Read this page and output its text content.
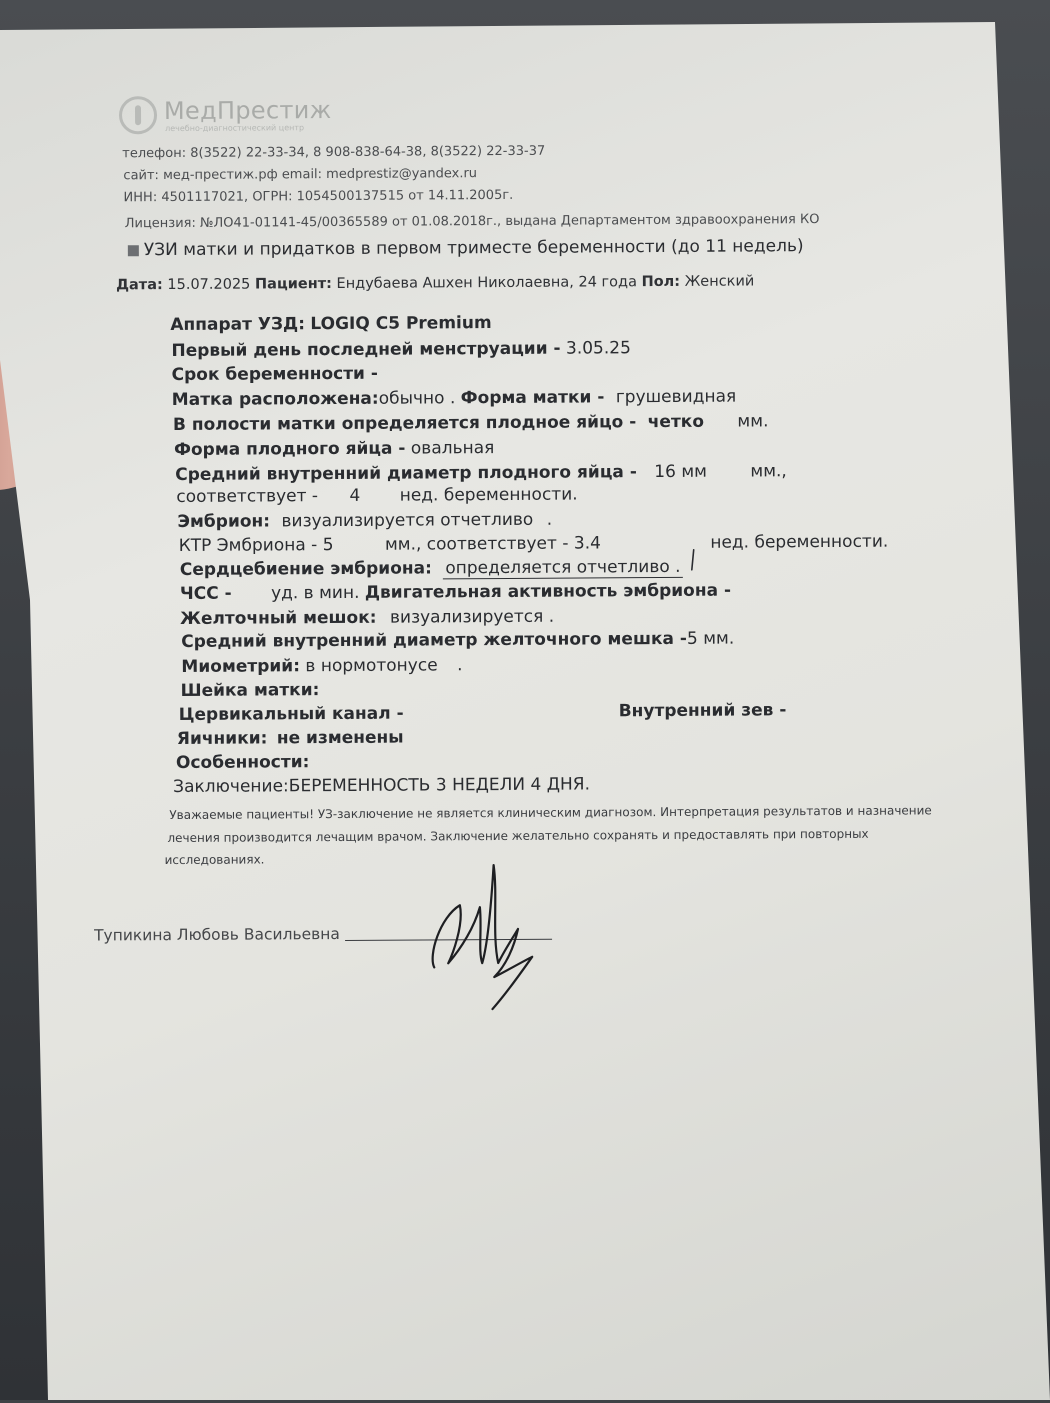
МедПрестиж
лечебно-диагностический центр
телефон: 8(3522) 22-33-34, 8 908-838-64-38, 8(3522) 22-33-37
сайт: мед-престиж.рф email: medprestiz@yandex.ru
ИНН: 4501117021, ОГРН: 1054500137515 от 14.11.2005г.
Лицензия: №ЛО41-01141-45/00365589 от 01.08.2018г., выдана Департаментом здравоохранения КО
УЗИ матки и придатков в первом триместе беременности (до 11 недель)
Дата: 15.07.2025 Пациент: Ендубаева Ашхен Николаевна, 24 года Пол: Женский
Аппарат УЗД: LOGIQ C5 Premium
Первый день последней менструации - 3.05.25
Срок беременности -
Матка расположена:обычно . Форма матки - грушевидная
В полости матки определяется плодное яйцо - четко мм.
Форма плодного яйца - овальная
Средний внутренний диаметр плодного яйца - 16 мм	мм.,
соответствует - 4 нед. беременности.
Эмбрион: визуализируется отчетливо .
КТР Эмбриона - 5	мм., соответствует - 3.4	нед. беременности.
Сердцебиение эмбриона: определяется отчетливо .
ЧСС - уд. в мин. Двигательная активность эмбриона -
Желточный мешок: визуализируется .
Средний внутренний диаметр желточного мешка -5 мм.
Миометрий: в нормотонусе .
Шейка матки:
Цервикальный канал -	Внутренний зев -
Яичники: не изменены
Особенности:
Заключение:БЕРЕМЕННОСТЬ 3 НЕДЕЛИ 4 ДНЯ.
Уважаемые пациенты! УЗ-заключение не является клиническим диагнозом. Интерпретация результатов и назначение
лечения производится лечащим врачом. Заключение желательно сохранять и предоставлять при повторных
исследованиях.
Тупикина Любовь Васильевна
